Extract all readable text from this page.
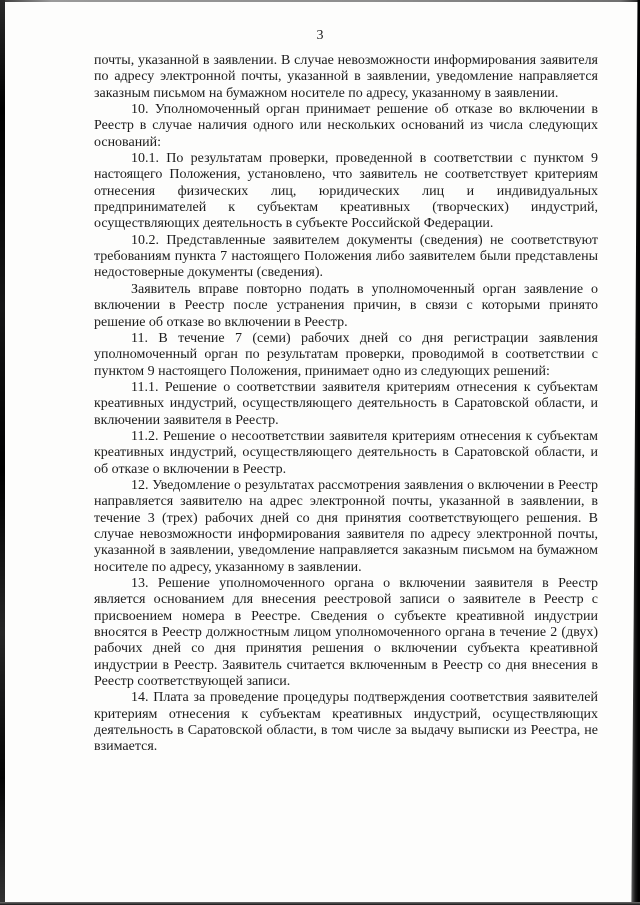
3

почты, указанной в заявлении. В случае невозможности информирования заявителя по адресу электронной почты, указанной в заявлении, уведомление направляется заказным письмом на бумажном носителе по адресу, указанному в заявлении.

10. Уполномоченный орган принимает решение об отказе во включении в Реестр в случае наличия одного или нескольких оснований из числа следующих оснований:

10.1. По результатам проверки, проведенной в соответствии с пунктом 9 настоящего Положения, установлено, что заявитель не соответствует критериям отнесения физических лиц, юридических лиц и индивидуальных предпринимателей к субъектам креативных (творческих) индустрий, осуществляющих деятельность в субъекте Российской Федерации.

10.2. Представленные заявителем документы (сведения) не соответствуют требованиям пункта 7 настоящего Положения либо заявителем были представлены недостоверные документы (сведения).

Заявитель вправе повторно подать в уполномоченный орган заявление о включении в Реестр после устранения причин, в связи с которыми принято решение об отказе во включении в Реестр.

11. В течение 7 (семи) рабочих дней со дня регистрации заявления уполномоченный орган по результатам проверки, проводимой в соответствии с пунктом 9 настоящего Положения, принимает одно из следующих решений:

11.1. Решение о соответствии заявителя критериям отнесения к субъектам креативных индустрий, осуществляющего деятельность в Саратовской области, и включении заявителя в Реестр.

11.2. Решение о несоответствии заявителя критериям отнесения к субъектам креативных индустрий, осуществляющего деятельность в Саратовской области, и об отказе о включении в Реестр.

12. Уведомление о результатах рассмотрения заявления о включении в Реестр направляется заявителю на адрес электронной почты, указанной в заявлении, в течение 3 (трех) рабочих дней со дня принятия соответствующего решения. В случае невозможности информирования заявителя по адресу электронной почты, указанной в заявлении, уведомление направляется заказным письмом на бумажном носителе по адресу, указанному в заявлении.

13. Решение уполномоченного органа о включении заявителя в Реестр является основанием для внесения реестровой записи о заявителе в Реестр с присвоением номера в Реестре. Сведения о субъекте креативной индустрии вносятся в Реестр должностным лицом уполномоченного органа в течение 2 (двух) рабочих дней со дня принятия решения о включении субъекта креативной индустрии в Реестр. Заявитель считается включенным в Реестр со дня внесения в Реестр соответствующей записи.

14. Плата за проведение процедуры подтверждения соответствия заявителей критериям отнесения к субъектам креативных индустрий, осуществляющих деятельность в Саратовской области, в том числе за выдачу выписки из Реестра, не взимается.
